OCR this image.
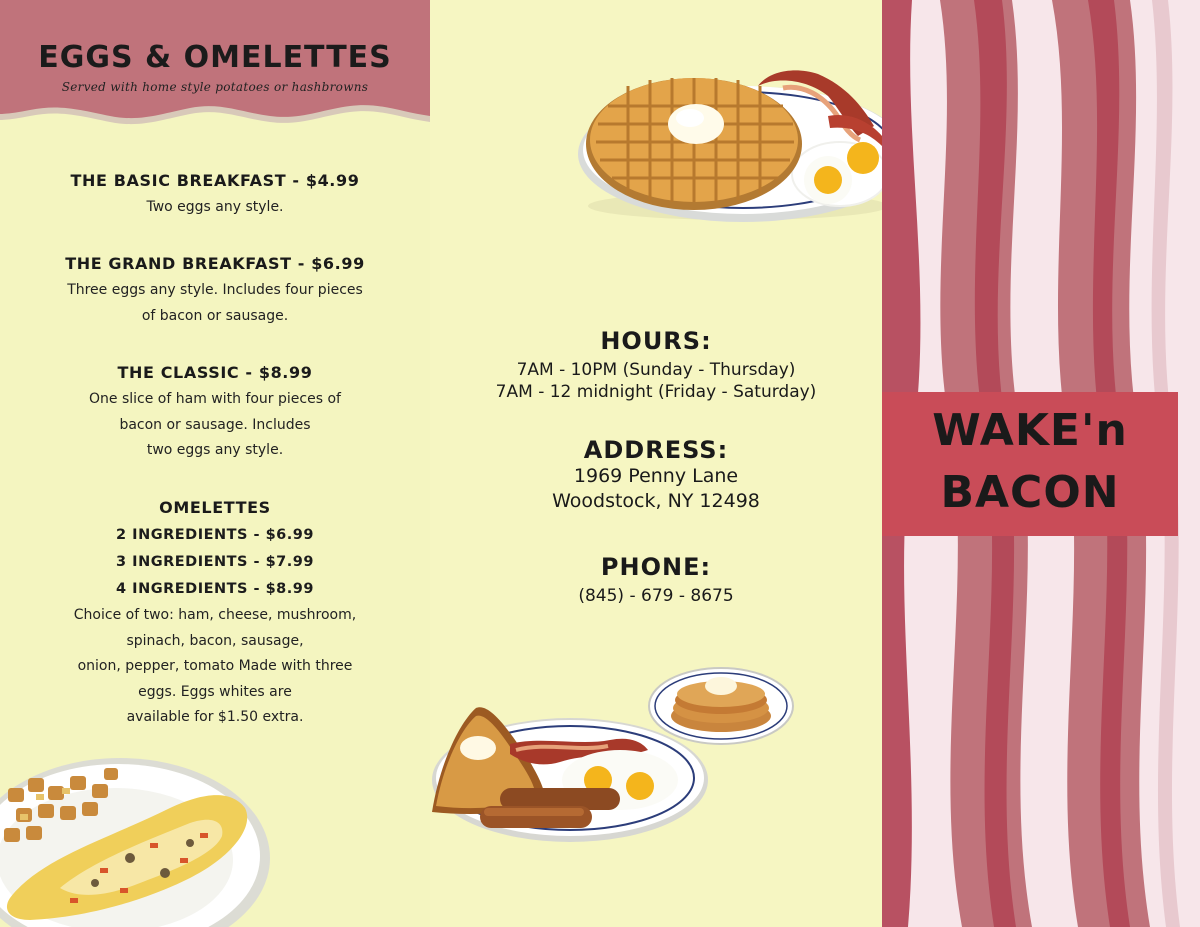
EGGS & OMELETTES
Served with home style potatoes or hashbrowns
THE BASIC BREAKFAST - $4.99
Two eggs any style.
THE GRAND BREAKFAST - $6.99
Three eggs any style. Includes four pieces
of bacon or sausage.
THE CLASSIC - $8.99
One slice of ham with four pieces of
bacon or sausage. Includes
two eggs any style.
OMELETTES
2 INGREDIENTS - $6.99
3 INGREDIENTS - $7.99
4 INGREDIENTS - $8.99
Choice of two: ham, cheese, mushroom,
spinach, bacon, sausage,
onion, pepper, tomato Made with three
eggs. Eggs whites are
available for $1.50 extra.
HOURS:
7AM - 10PM (Sunday - Thursday)
7AM - 12 midnight (Friday - Saturday)
ADDRESS:
1969 Penny Lane
Woodstock, NY 12498
PHONE:
(845) - 679 - 8675
WAKE'n
BACON
